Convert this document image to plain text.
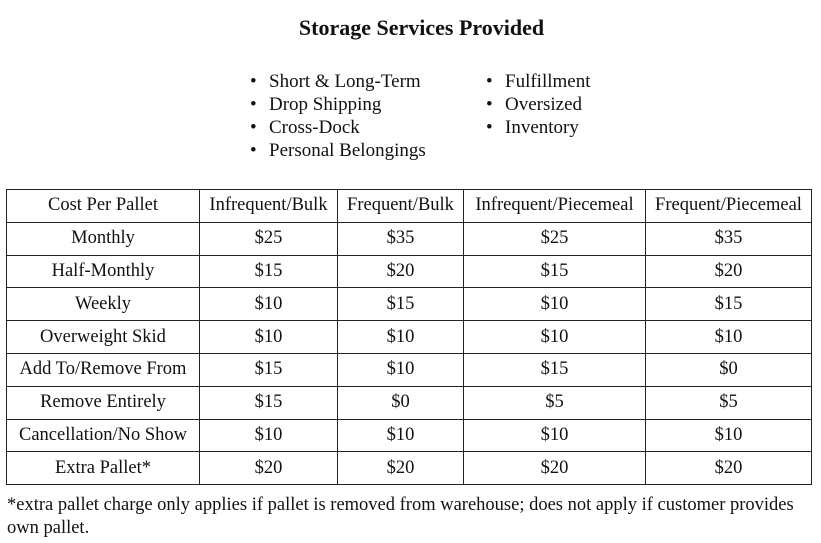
Storage Services Provided
• Short & Long-Term
• Drop Shipping
• Cross-Dock
• Personal Belongings
• Fulfillment
• Oversized
• Inventory
Cost Per Pallet	Infrequent/Bulk	Frequent/Bulk	Infrequent/Piecemeal	Frequent/Piecemeal
Monthly	$25	$35	$25	$35
Half-Monthly	$15	$20	$15	$20
Weekly	$10	$15	$10	$15
Overweight Skid	$10	$10	$10	$10
Add To/Remove From	$15	$10	$15	$0
Remove Entirely	$15	$0	$5	$5
Cancellation/No Show	$10	$10	$10	$10
Extra Pallet*	$20	$20	$20	$20
*extra pallet charge only applies if pallet is removed from warehouse; does not apply if customer provides own pallet.
